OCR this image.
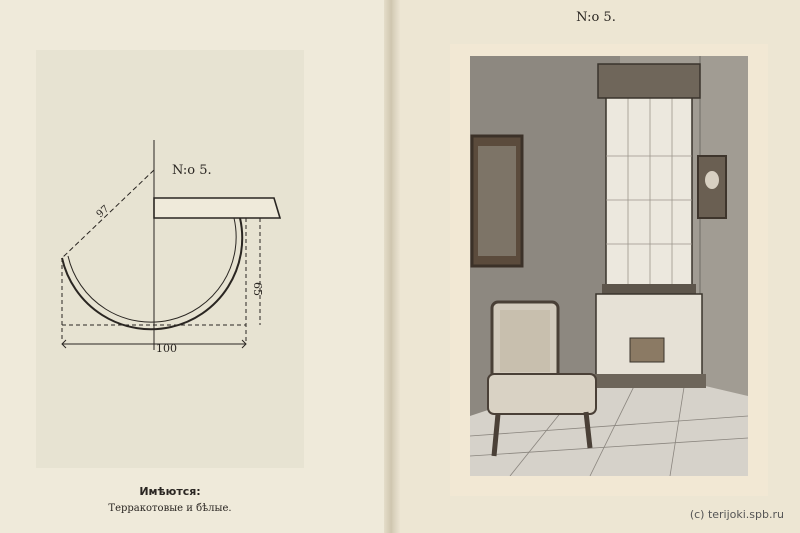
100
65
97
N:o 5.
Имѣются:
Терракотовые и бѣлые.
N:o 5.
(c) terijoki.spb.ru
